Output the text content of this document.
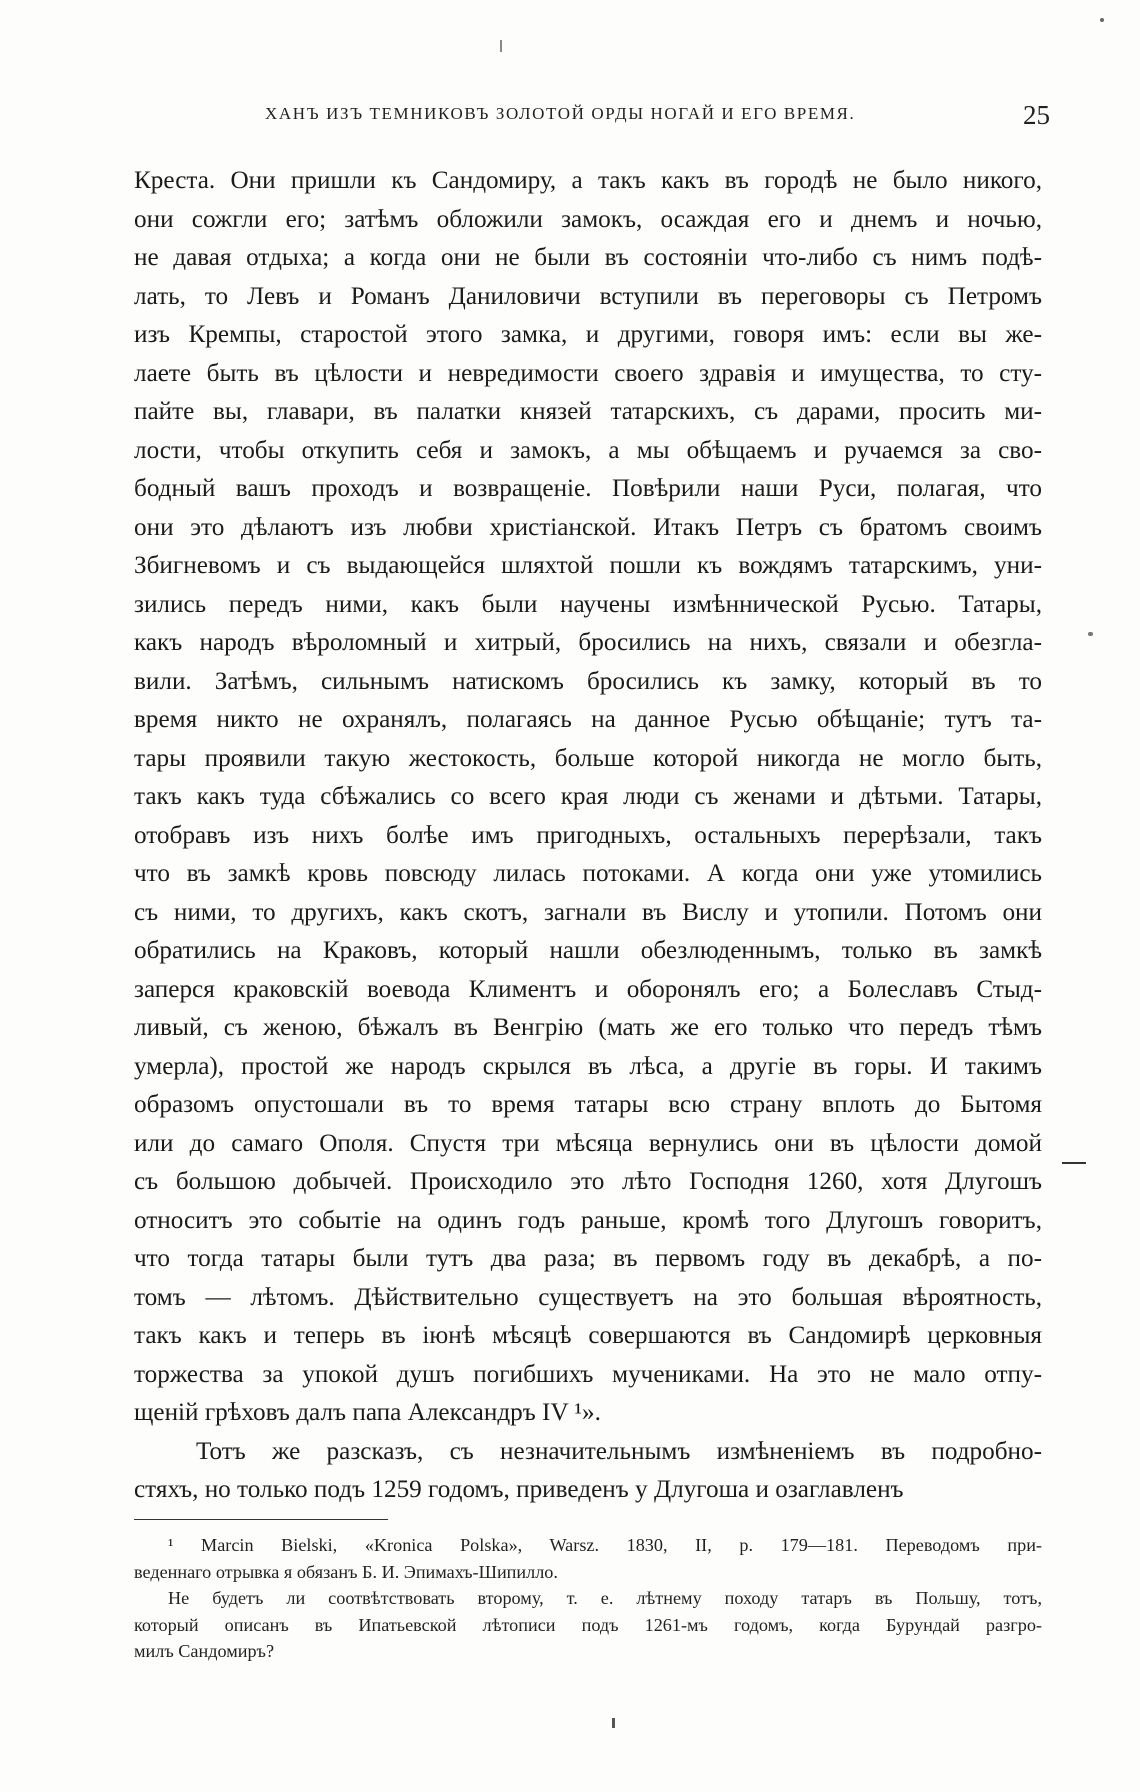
ХАНЪ ИЗЪ ТЕМНИКОВЪ ЗОЛОТОЙ ОРДЫ НОГАЙ И ЕГО ВРЕМЯ.	25
Креста. Они пришли къ Сандомиру, а такъ какъ въ городѣ не было никого,
они сожгли его; затѣмъ обложили замокъ, осаждая его и днемъ и ночью,
не давая отдыха; а когда они не были въ состояніи что-либо съ нимъ подѣ-
лать, то Левъ и Романъ Даниловичи вступили въ переговоры съ Петромъ
изъ Кремпы, старостой этого замка, и другими, говоря имъ: если вы же-
лаете быть въ цѣлости и невредимости своего здравія и имущества, то сту-
пайте вы, главари, въ палатки князей татарскихъ, съ дарами, просить ми-
лости, чтобы откупить себя и замокъ, а мы обѣщаемъ и ручаемся за сво-
бодный вашъ проходъ и возвращеніе. Повѣрили наши Руси, полагая, что
они это дѣлаютъ изъ любви христіанской. Итакъ Петръ съ братомъ своимъ
Збигневомъ и съ выдающейся шляхтой пошли къ вождямъ татарскимъ, уни-
зились передъ ними, какъ были научены измѣннической Русью. Татары,
какъ народъ вѣроломный и хитрый, бросились на нихъ, связали и обезгла-
вили. Затѣмъ, сильнымъ натискомъ бросились къ замку, который въ то
время никто не охранялъ, полагаясь на данное Русью обѣщаніе; тутъ та-
тары проявили такую жестокость, больше которой никогда не могло быть,
такъ какъ туда сбѣжались со всего края люди съ женами и дѣтьми. Татары,
отобравъ изъ нихъ болѣе имъ пригодныхъ, остальныхъ перерѣзали, такъ
что въ замкѣ кровь повсюду лилась потоками. А когда они уже утомились
съ ними, то другихъ, какъ скотъ, загнали въ Вислу и утопили. Потомъ они
обратились на Краковъ, который нашли обезлюденнымъ, только въ замкѣ
заперся краковскій воевода Климентъ и оборонялъ его; а Болеславъ Стыд-
ливый, съ женою, бѣжалъ въ Венгрію (мать же его только что передъ тѣмъ
умерла), простой же народъ скрылся въ лѣса, а другіе въ горы. И такимъ
образомъ опустошали въ то время татары всю страну вплоть до Бытомя
или до самаго Ополя. Спустя три мѣсяца вернулись они въ цѣлости домой
съ большою добычей. Происходило это лѣто Господня 1260, хотя Длугошъ
относитъ это событіе на одинъ годъ раньше, кромѣ того Длугошъ говоритъ,
что тогда татары были тутъ два раза; въ первомъ году въ декабрѣ, а по-
томъ — лѣтомъ. Дѣйствительно существуетъ на это большая вѣроятность,
такъ какъ и теперь въ іюнѣ мѣсяцѣ совершаются въ Сандомирѣ церковныя
торжества за упокой душъ погибшихъ мучениками. На это не мало отпу-
щеній грѣховъ далъ папа Александръ IV ¹».
Тотъ же разсказъ, съ незначительнымъ измѣненіемъ въ подробно-
стяхъ, но только подъ 1259 годомъ, приведенъ у Длугоша и озаглавленъ
¹ Marcin Bielski, «Kronica Polska», Warsz. 1830, II, p. 179—181. Переводомъ при-
веденнаго отрывка я обязанъ Б. И. Эпимахъ-Шипилло.
Не будетъ ли соотвѣтствовать второму, т. е. лѣтнему походу татаръ въ Польшу, тотъ,
который описанъ въ Ипатьевской лѣтописи подъ 1261-мъ годомъ, когда Бурундай разгро-
милъ Сандомиръ?
